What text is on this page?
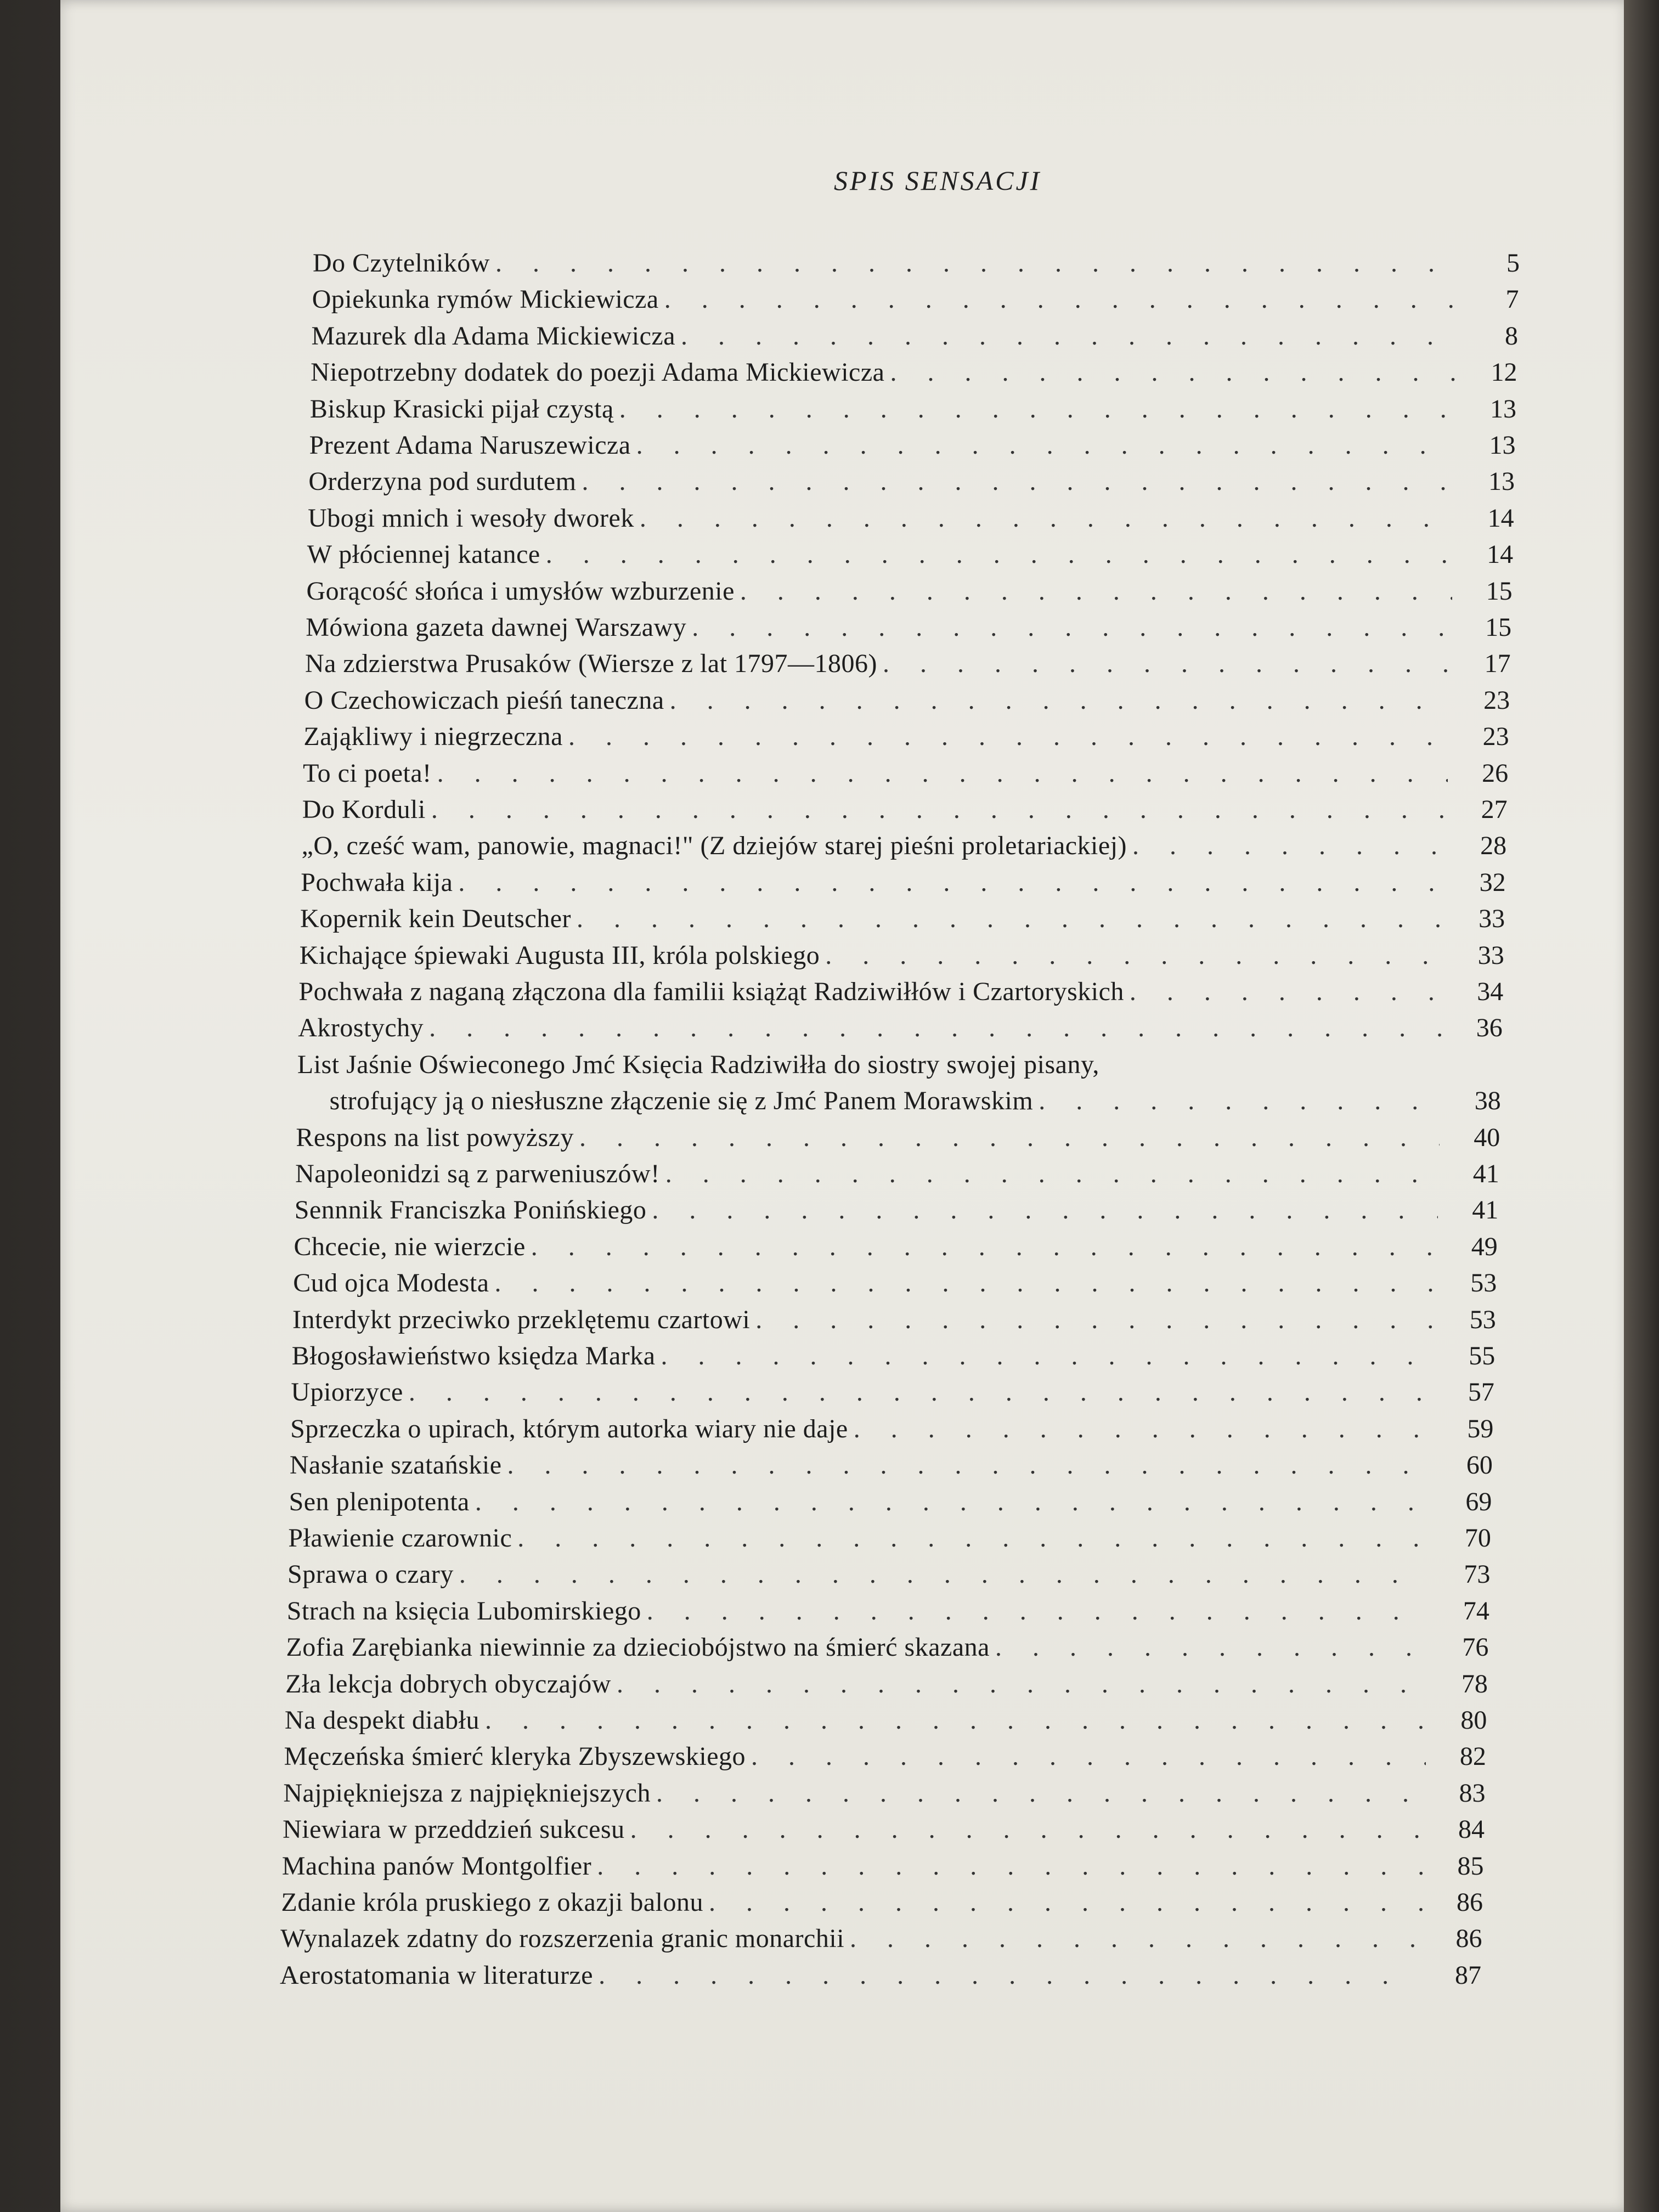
SPIS SENSACJI
Do Czytelników . . .	5
Opiekunka rymów Mickiewicza . . .	7
Mazurek dla Adama Mickiewicza . . .	8
Niepotrzebny dodatek do poezji Adama Mickiewicza . . .	12
Biskup Krasicki pijał czystą . . .	13
Prezent Adama Naruszewicza . . .	13
Orderzyna pod surdutem . . .	13
Ubogi mnich i wesoły dworek . . .	14
W płóciennej katance . . .	14
Gorącość słońca i umysłów wzburzenie . . .	15
Mówiona gazeta dawnej Warszawy . . .	15
Na zdzierstwa Prusaków (Wiersze z lat 1797—1806) . . .	17
O Czechowiczach pieśń taneczna . . .	23
Zająkliwy i niegrzeczna . . .	23
To ci poeta! . . .	26
Do Korduli . . .	27
„O, cześć wam, panowie, magnaci!" (Z dziejów starej pieśni proletariackiej) . . .	28
Pochwała kija . . .	32
Kopernik kein Deutscher . . .	33
Kichające śpiewaki Augusta III, króla polskiego . . .	33
Pochwała z naganą złączona dla familii książąt Radziwiłłów i Czartoryskich . . .	34
Akrostychy . . .	36
List Jaśnie Oświeconego Jmć Księcia Radziwiłła do siostry swojej pisany,
strofujący ją o niesłuszne złączenie się z Jmć Panem Morawskim . . .	38
Respons na list powyższy . . .	40
Napoleonidzi są z parweniuszów! . . .	41
Sennnik Franciszka Ponińskiego . . .	41
Chcecie, nie wierzcie . . .	49
Cud ojca Modesta . . .	53
Interdykt przeciwko przeklętemu czartowi . . .	53
Błogosławieństwo księdza Marka . . .	55
Upiorzyce . . .	57
Sprzeczka o upirach, którym autorka wiary nie daje . . .	59
Nasłanie szatańskie . . .	60
Sen plenipotenta . . .	69
Pławienie czarownic . . .	70
Sprawa o czary . . .	73
Strach na księcia Lubomirskiego . . .	74
Zofia Zarębianka niewinnie za dzieciobójstwo na śmierć skazana . . .	76
Zła lekcja dobrych obyczajów . . .	78
Na despekt diabłu . . .	80
Męczeńska śmierć kleryka Zbyszewskiego . . .	82
Najpiękniejsza z najpiękniejszych . . .	83
Niewiara w przeddzień sukcesu . . .	84
Machina panów Montgolfier . . .	85
Zdanie króla pruskiego z okazji balonu . . .	86
Wynalazek zdatny do rozszerzenia granic monarchii . . .	86
Aerostatomania w literaturze . . .	87
